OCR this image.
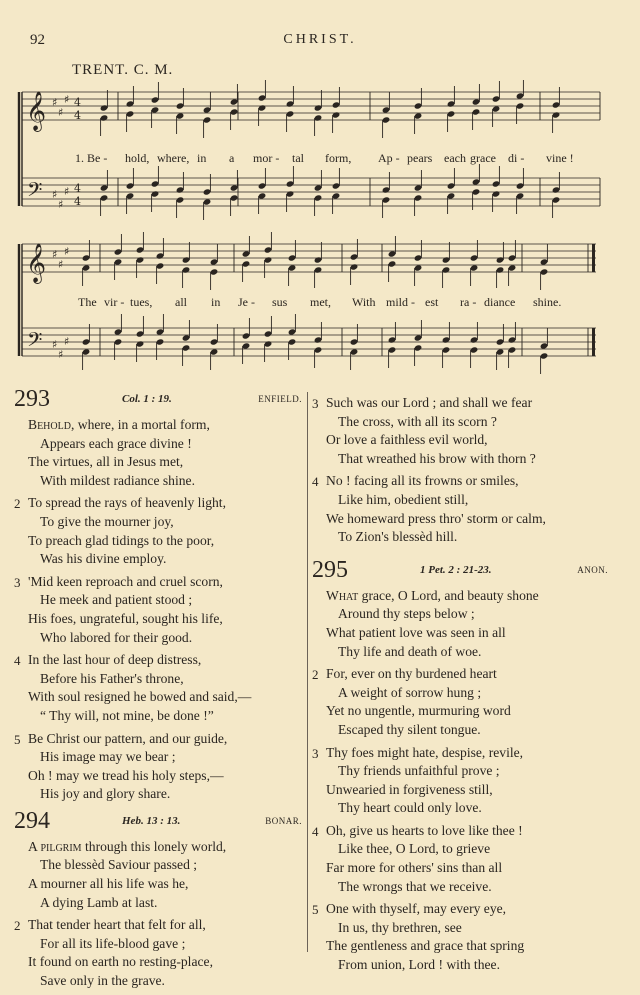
92	CHRIST.
TRENT. C. M.
𝄞
𝄢
♯
♯
♯
♯
♯
♯
𝄞
𝄢
♯
♯
♯
♯
♯
♯
4
4
4
4
1. Be - hold, where, in a mor - tal form, Ap - pears each grace di - vine !
The vir - tues, all in Je - sus met, With mild - est ra - diance shine.
293	Col. 1 : 19.	ENFIELD.
Behold, where, in a mortal form,
Appears each grace divine !
The virtues, all in Jesus met,
With mildest radiance shine.
2 To spread the rays of heavenly light,
To give the mourner joy,
To preach glad tidings to the poor,
Was his divine employ.
3 'Mid keen reproach and cruel scorn,
He meek and patient stood ;
His foes, ungrateful, sought his life,
Who labored for their good.
4 In the last hour of deep distress,
Before his Father's throne,
With soul resigned he bowed and said,—
“ Thy will, not mine, be done !”
5 Be Christ our pattern, and our guide,
His image may we bear ;
Oh ! may we tread his holy steps,—
His joy and glory share.
294	Heb. 13 : 13.	BONAR.
A pilgrim through this lonely world,
The blessèd Saviour passed ;
A mourner all his life was he,
A dying Lamb at last.
2 That tender heart that felt for all,
For all its life-blood gave ;
It found on earth no resting-place,
Save only in the grave.
3 Such was our Lord ; and shall we fear
The cross, with all its scorn ?
Or love a faithless evil world,
That wreathed his brow with thorn ?
4 No ! facing all its frowns or smiles,
Like him, obedient still,
We homeward press thro' storm or calm,
To Zion's blessèd hill.
295	1 Pet. 2 : 21-23.	ANON.
What grace, O Lord, and beauty shone
Around thy steps below ;
What patient love was seen in all
Thy life and death of woe.
2 For, ever on thy burdened heart
A weight of sorrow hung ;
Yet no ungentle, murmuring word
Escaped thy silent tongue.
3 Thy foes might hate, despise, revile,
Thy friends unfaithful prove ;
Unwearied in forgiveness still,
Thy heart could only love.
4 Oh, give us hearts to love like thee !
Like thee, O Lord, to grieve
Far more for others' sins than all
The wrongs that we receive.
5 One with thyself, may every eye,
In us, thy brethren, see
The gentleness and grace that spring
From union, Lord ! with thee.
